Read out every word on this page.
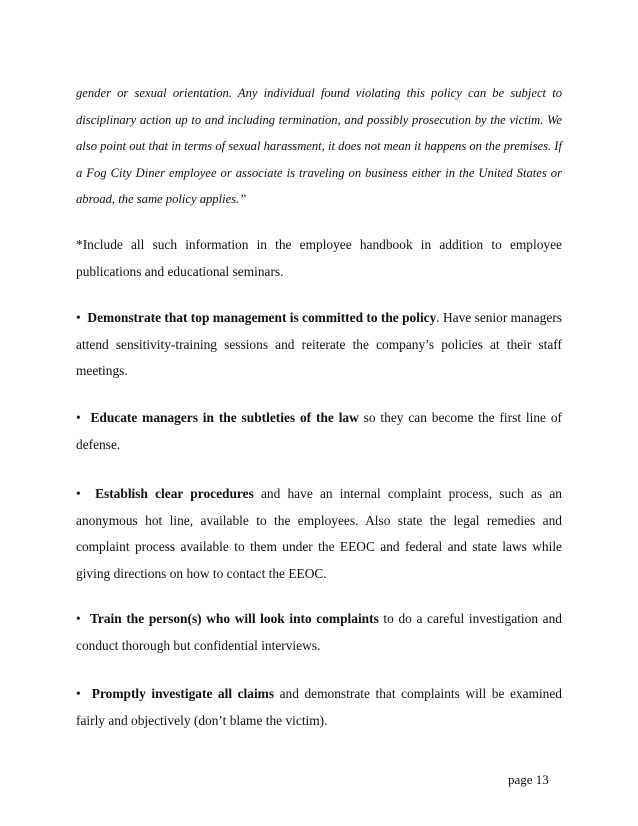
gender or sexual orientation. Any individual found violating this policy can be subject to disciplinary action up to and including termination, and possibly prosecution by the victim. We also point out that in terms of sexual harassment, it does not mean it happens on the premises. If a Fog City Diner employee or associate is traveling on business either in the United States or abroad, the same policy applies.”

*Include all such information in the employee handbook in addition to employee publications and educational seminars.

• Demonstrate that top management is committed to the policy. Have senior managers attend sensitivity-training sessions and reiterate the company’s policies at their staff meetings.

• Educate managers in the subtleties of the law so they can become the first line of defense.

• Establish clear procedures and have an internal complaint process, such as an anonymous hot line, available to the employees. Also state the legal remedies and complaint process available to them under the EEOC and federal and state laws while giving directions on how to contact the EEOC.

• Train the person(s) who will look into complaints to do a careful investigation and conduct thorough but confidential interviews.

• Promptly investigate all claims and demonstrate that complaints will be examined fairly and objectively (don’t blame the victim).

page 13
